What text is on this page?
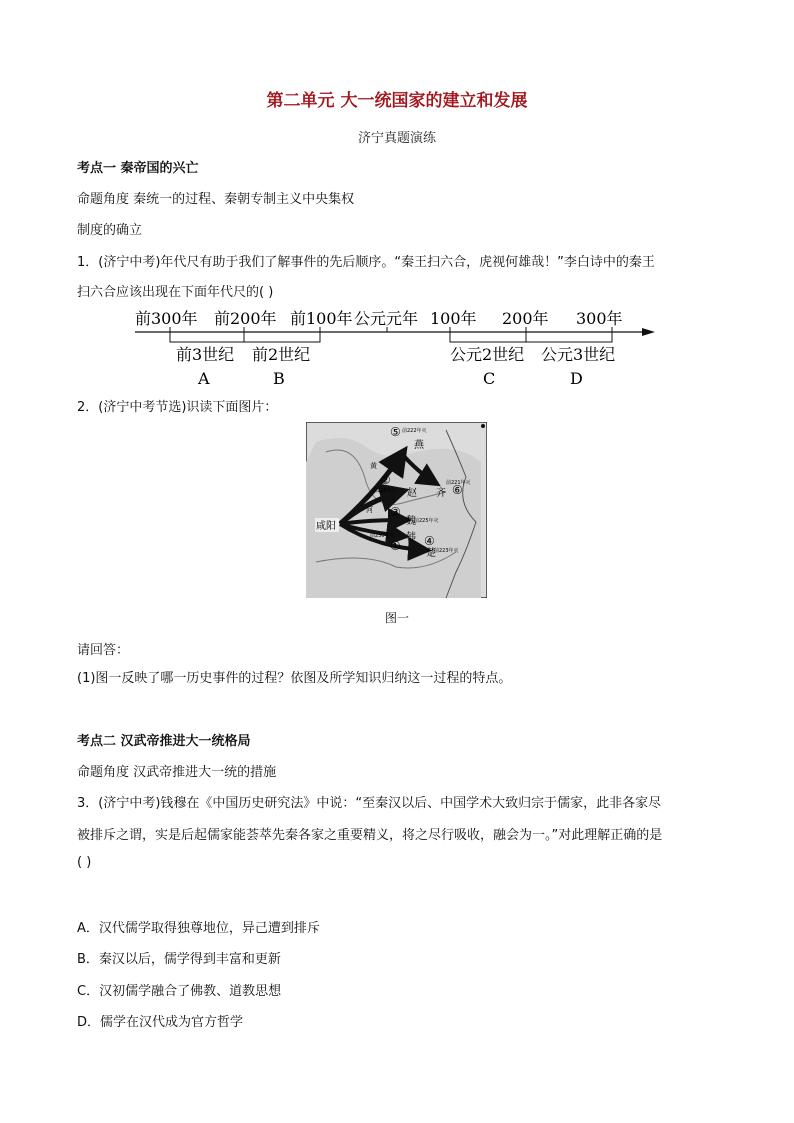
第二单元 大一统国家的建立和发展
济宁真题演练
考点一 秦帝国的兴亡
命题角度 秦统一的过程、秦朝专制主义中央集权
制度的确立
1．(济宁中考)年代尺有助于我们了解事件的先后顺序。“秦王扫六合，虎视何雄哉！”李白诗中的秦王
扫六合应该出现在下面年代尺的( )
前300年 前200年 前100年 公元元年 100年 200年 300年
前3世纪 前2世纪	公元2世纪 公元3世纪
A	B	C	D
2．(济宁中考节选)识读下面图片：
咸阳
燕
赵
魏
韩
楚
齐
⑤
②
③
① ④
⑥
前222年灭
前228年灭
前225年灭
前230年灭
前223年灭
前221年灭
黄
河
图一
请回答：
(1)图一反映了哪一历史事件的过程？依图及所学知识归纳这一过程的特点。
考点二 汉武帝推进大一统格局
命题角度 汉武帝推进大一统的措施
3．(济宁中考)钱穆在《中国历史研究法》中说：“至秦汉以后、中国学术大致归宗于儒家，此非各家尽
被排斥之谓，实是后起儒家能荟萃先秦各家之重要精义，将之尽行吸收，融会为一。”对此理解正确的是
( )
A．汉代儒学取得独尊地位，异己遭到排斥
B．秦汉以后，儒学得到丰富和更新
C．汉初儒学融合了佛教、道教思想
D．儒学在汉代成为官方哲学
